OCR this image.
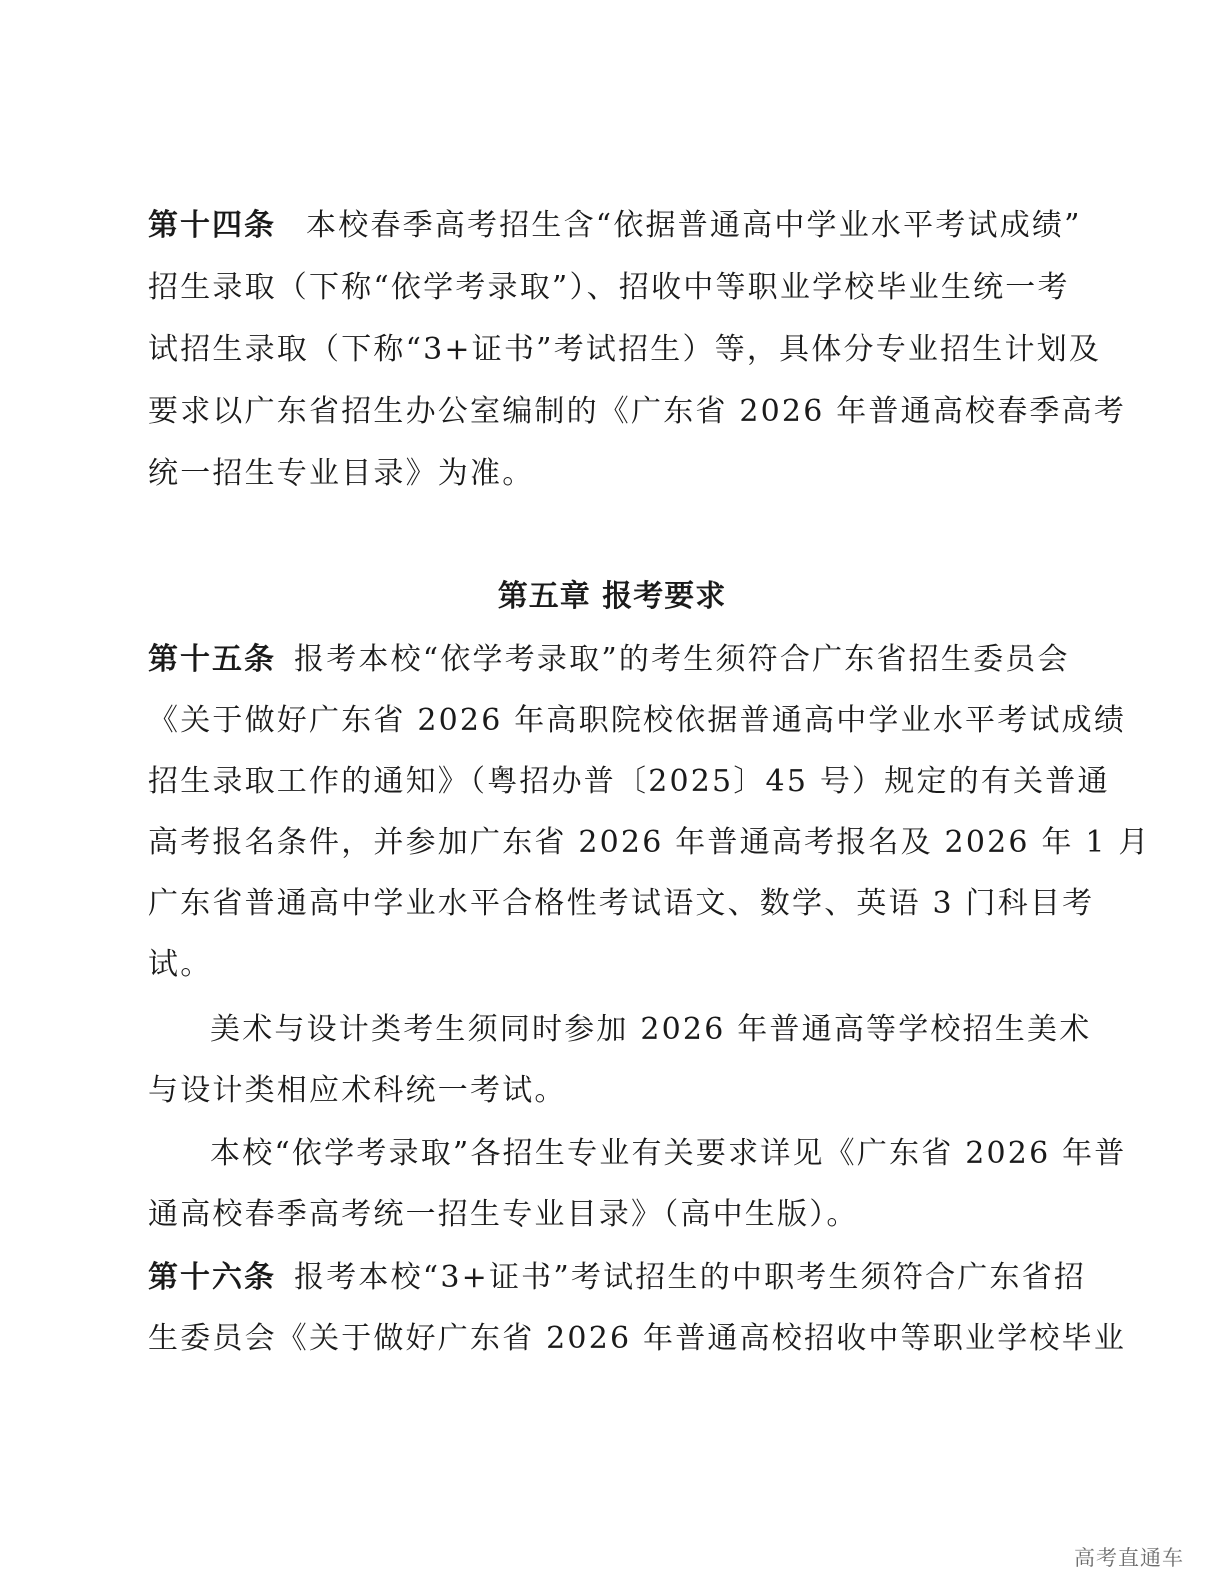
第十四条 本校春季高考招生含“依据普通高中学业水平考试成绩”
招生录取（下称“依学考录取”）、招收中等职业学校毕业生统一考
试招生录取（下称“3+证书”考试招生）等，具体分专业招生计划及
要求以广东省招生办公室编制的《广东省 2026 年普通高校春季高考
统一招生专业目录》为准。
第五章 报考要求
第十五条 报考本校“依学考录取”的考生须符合广东省招生委员会
《关于做好广东省 2026 年高职院校依据普通高中学业水平考试成绩
招生录取工作的通知》（粤招办普〔2025〕45 号）规定的有关普通
高考报名条件，并参加广东省 2026 年普通高考报名及 2026 年 1 月
广东省普通高中学业水平合格性考试语文、数学、英语 3 门科目考
试。
美术与设计类考生须同时参加 2026 年普通高等学校招生美术
与设计类相应术科统一考试。
本校“依学考录取”各招生专业有关要求详见《广东省 2026 年普
通高校春季高考统一招生专业目录》（高中生版）。
第十六条 报考本校“3+证书”考试招生的中职考生须符合广东省招
生委员会《关于做好广东省 2026 年普通高校招收中等职业学校毕业
高考直通车
